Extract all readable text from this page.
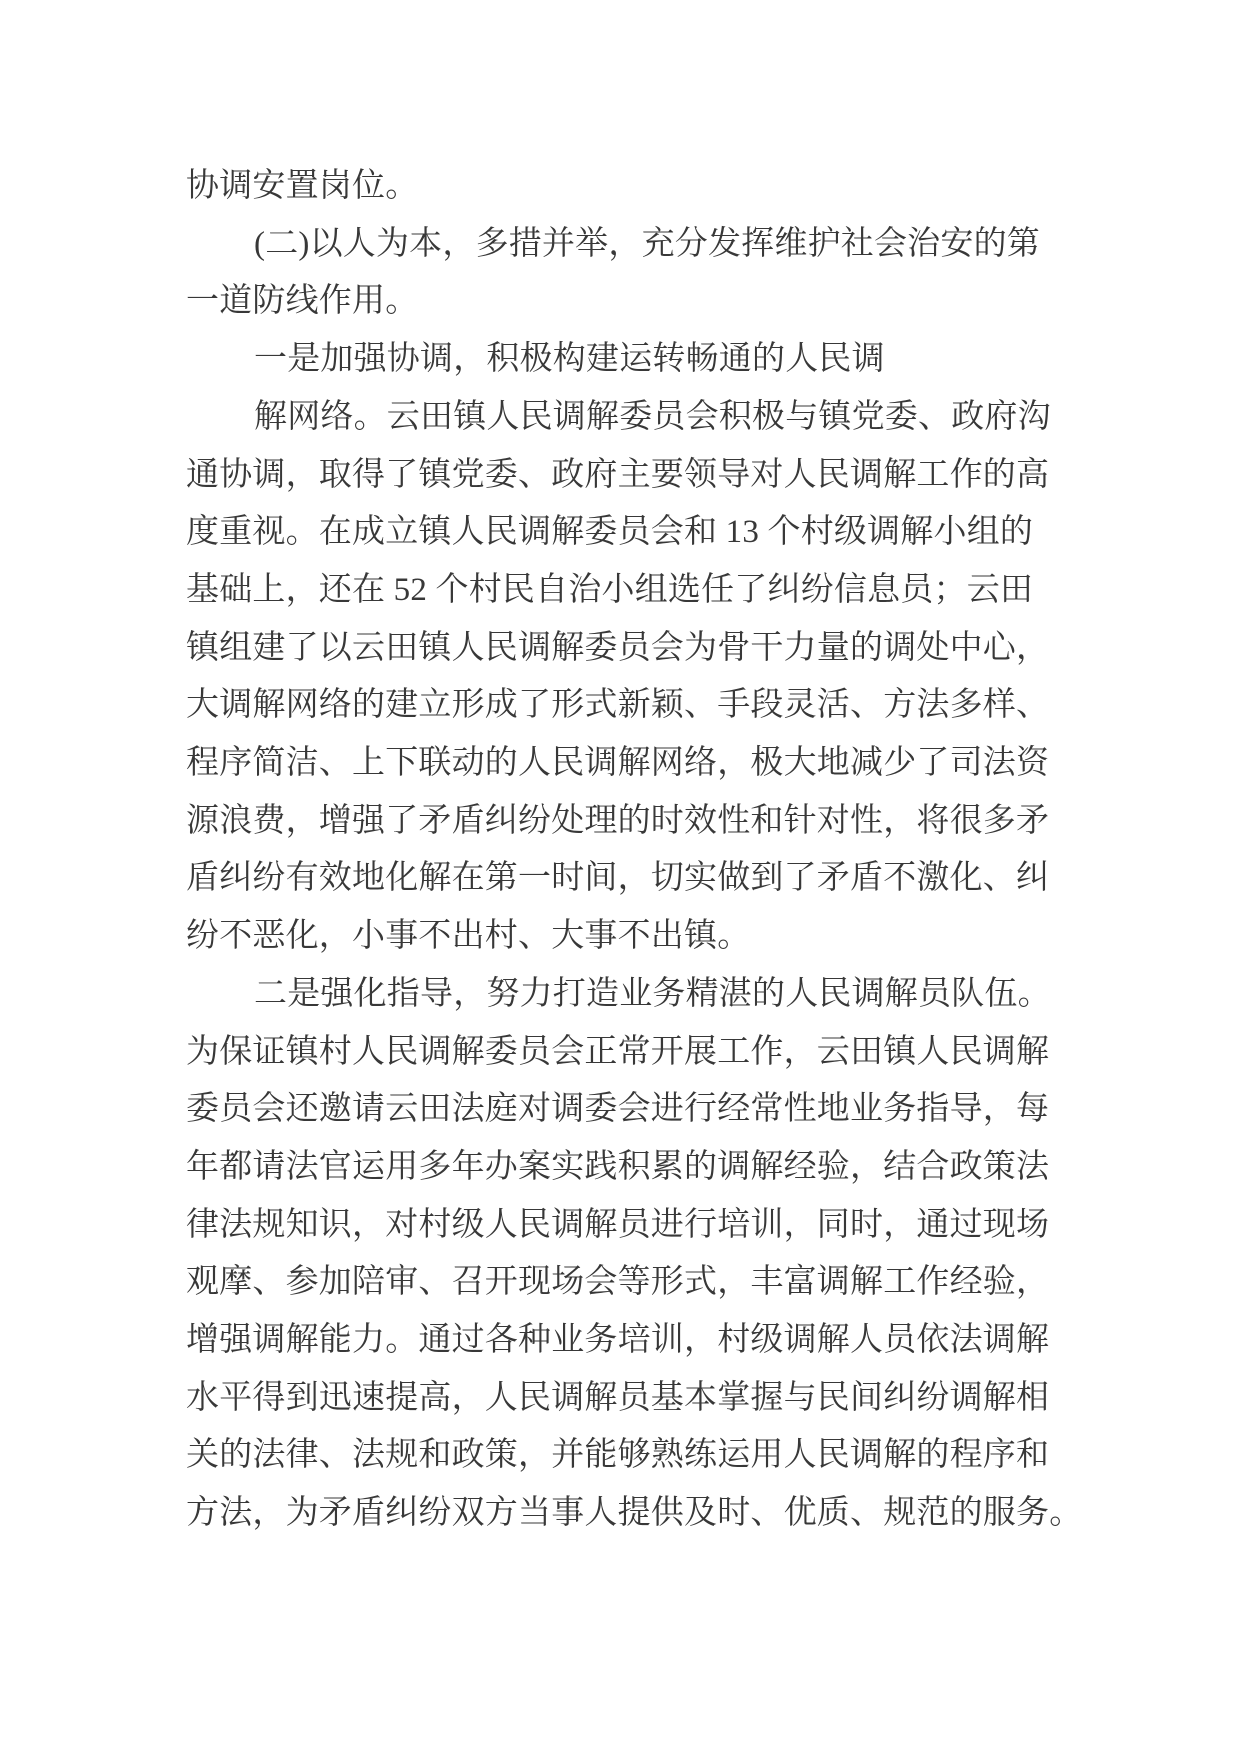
协调安置岗位。
(二)以人为本，多措并举，充分发挥维护社会治安的第
一道防线作用。
一是加强协调，积极构建运转畅通的人民调
解网络。云田镇人民调解委员会积极与镇党委、政府沟
通协调，取得了镇党委、政府主要领导对人民调解工作的高
度重视。在成立镇人民调解委员会和 13 个村级调解小组的
基础上，还在 52 个村民自治小组选任了纠纷信息员；云田
镇组建了以云田镇人民调解委员会为骨干力量的调处中心，
大调解网络的建立形成了形式新颖、手段灵活、方法多样、
程序简洁、上下联动的人民调解网络，极大地减少了司法资
源浪费，增强了矛盾纠纷处理的时效性和针对性，将很多矛
盾纠纷有效地化解在第一时间，切实做到了矛盾不激化、纠
纷不恶化，小事不出村、大事不出镇。
二是强化指导，努力打造业务精湛的人民调解员队伍。
为保证镇村人民调解委员会正常开展工作，云田镇人民调解
委员会还邀请云田法庭对调委会进行经常性地业务指导，每
年都请法官运用多年办案实践积累的调解经验，结合政策法
律法规知识，对村级人民调解员进行培训，同时，通过现场
观摩、参加陪审、召开现场会等形式，丰富调解工作经验，
增强调解能力。通过各种业务培训，村级调解人员依法调解
水平得到迅速提高，人民调解员基本掌握与民间纠纷调解相
关的法律、法规和政策，并能够熟练运用人民调解的程序和
方法，为矛盾纠纷双方当事人提供及时、优质、规范的服务。
